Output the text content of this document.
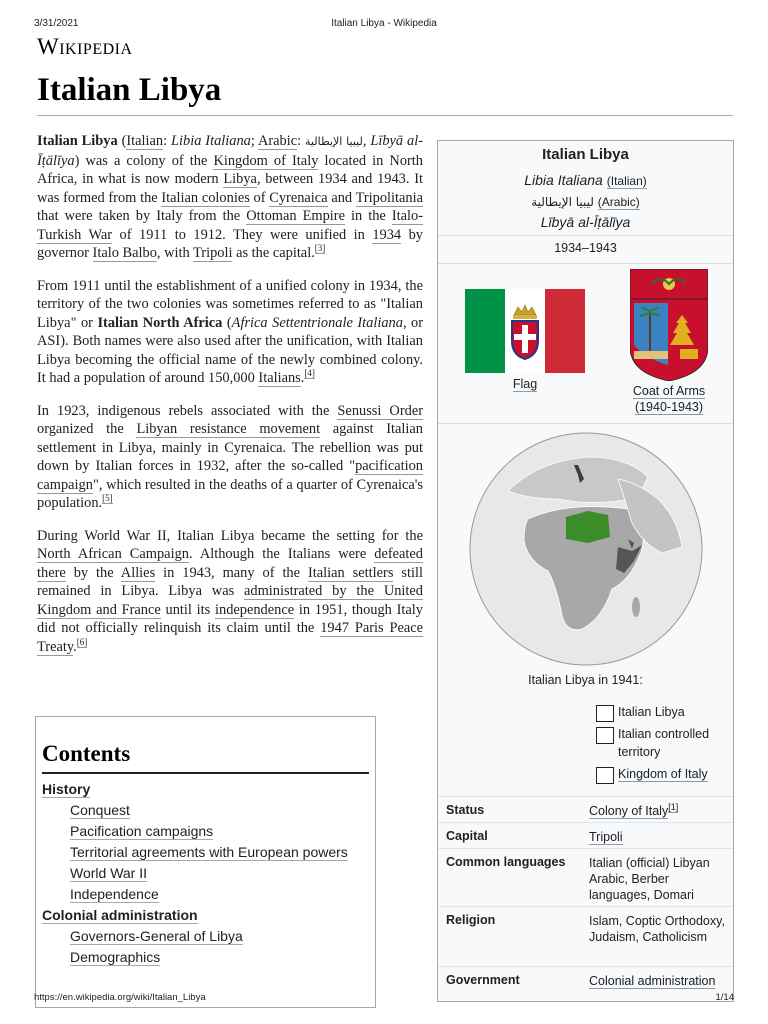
3/31/2021	Italian Libya - Wikipedia
Wikipedia
Italian Libya

Italian Libya (Italian: Libia Italiana; Arabic: ليبيا الإيطالية, Lībyā al-Īṭālīya) was a colony of the Kingdom of Italy located in North Africa, in what is now modern Libya, between 1934 and 1943. It was formed from the Italian colonies of Cyrenaica and Tripolitania that were taken by Italy from the Ottoman Empire in the Italo-Turkish War of 1911 to 1912. They were unified in 1934 by governor Italo Balbo, with Tripoli as the capital.[3]

From 1911 until the establishment of a unified colony in 1934, the territory of the two colonies was sometimes referred to as "Italian Libya" or Italian North Africa (Africa Settentrionale Italiana, or ASI). Both names were also used after the unification, with Italian Libya becoming the official name of the newly combined colony. It had a population of around 150,000 Italians.[4]

In 1923, indigenous rebels associated with the Senussi Order organized the Libyan resistance movement against Italian settlement in Libya, mainly in Cyrenaica. The rebellion was put down by Italian forces in 1932, after the so-called "pacification campaign", which resulted in the deaths of a quarter of Cyrenaica's population.[5]

During World War II, Italian Libya became the setting for the North African Campaign. Although the Italians were defeated there by the Allies in 1943, many of the Italian settlers still remained in Libya. Libya was administrated by the United Kingdom and France until its independence in 1951, though Italy did not officially relinquish its claim until the 1947 Paris Peace Treaty.[6]

Contents
History
Conquest
Pacification campaigns
Territorial agreements with European powers
World War II
Independence
Colonial administration
Governors-General of Libya
Demographics
Italian Libya
Libia Italiana (Italian)
ليبيا الإيطالية (Arabic)
Lībyā al-Īṭālīya
1934–1943
Flag	Coat of Arms
(1940-1943)
Italian Libya in 1941:
Italian Libya
Italian controlled territory
Kingdom of Italy
Status	Colony of Italy[1]
Capital	Tripoli
Common languages	Italian (official) Libyan Arabic, Berber languages, Domari
Religion	Islam, Coptic Orthodoxy, Judaism, Catholicism
Government	Colonial administration
https://en.wikipedia.org/wiki/Italian_Libya	1/14
